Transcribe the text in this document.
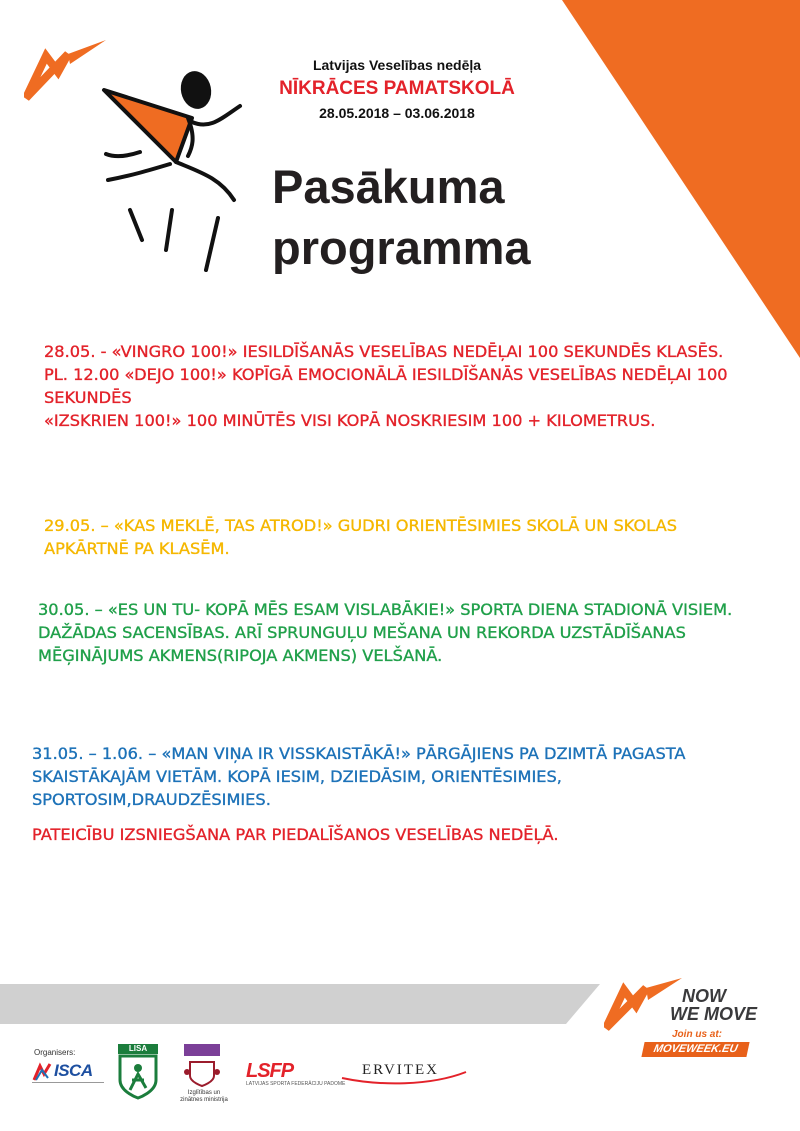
Latvijas Veselības nedēļa
NĪKRĀCES PAMATSKOLĀ
28.05.2018 – 03.06.2018
Pasākuma
programma

28.05. - «VINGRO 100!» IESILDĪŠANĀS VESELĪBAS NEDĒĻAI 100 SEKUNDĒS KLASĒS.

PL. 12.00 «DEJO 100!» KOPĪGĀ EMOCIONĀLĀ IESILDĪŠANĀS VESELĪBAS NEDĒĻAI 100 SEKUNDĒS

«IZSKRIEN 100!» 100 MINŪTĒS VISI KOPĀ NOSKRIESIM 100 + KILOMETRUS.

29.05. – «KAS MEKLĒ, TAS ATROD!» GUDRI ORIENTĒSIMIES SKOLĀ UN SKOLAS APKĀRTNĒ PA KLASĒM.

30.05. – «ES UN TU- KOPĀ MĒS ESAM VISLABĀKIE!» SPORTA DIENA STADIONĀ VISIEM.

DAŽĀDAS SACENSĪBAS. ARĪ SPRUNGUĻU MEŠANA UN REKORDA UZSTĀDĪŠANAS MĒĢINĀJUMS AKMENS(RIPOJA AKMENS) VELŠANĀ.

31.05. – 1.06. – «MAN VIŅA IR VISSKAISTĀKĀ!» PĀRGĀJIENS PA DZIMTĀ PAGASTA SKAISTĀKAJĀM VIETĀM. KOPĀ IESIM, DZIEDĀSIM, ORIENTĒSIMIES, SPORTOSIM,DRAUDZĒSIMIES.

PATEICĪBU IZSNIEGŠANA PAR PIEDALĪŠANOS VESELĪBAS NEDĒĻĀ.

NOW
WE MOVE
Join us at:
MOVEWEEK.EU
Organisers:
ISCA
LISA
Izglītības un zinātnes ministrija
LSFP
LATVIJAS SPORTA FEDERĀCIJU PADOME
ERVITEX
